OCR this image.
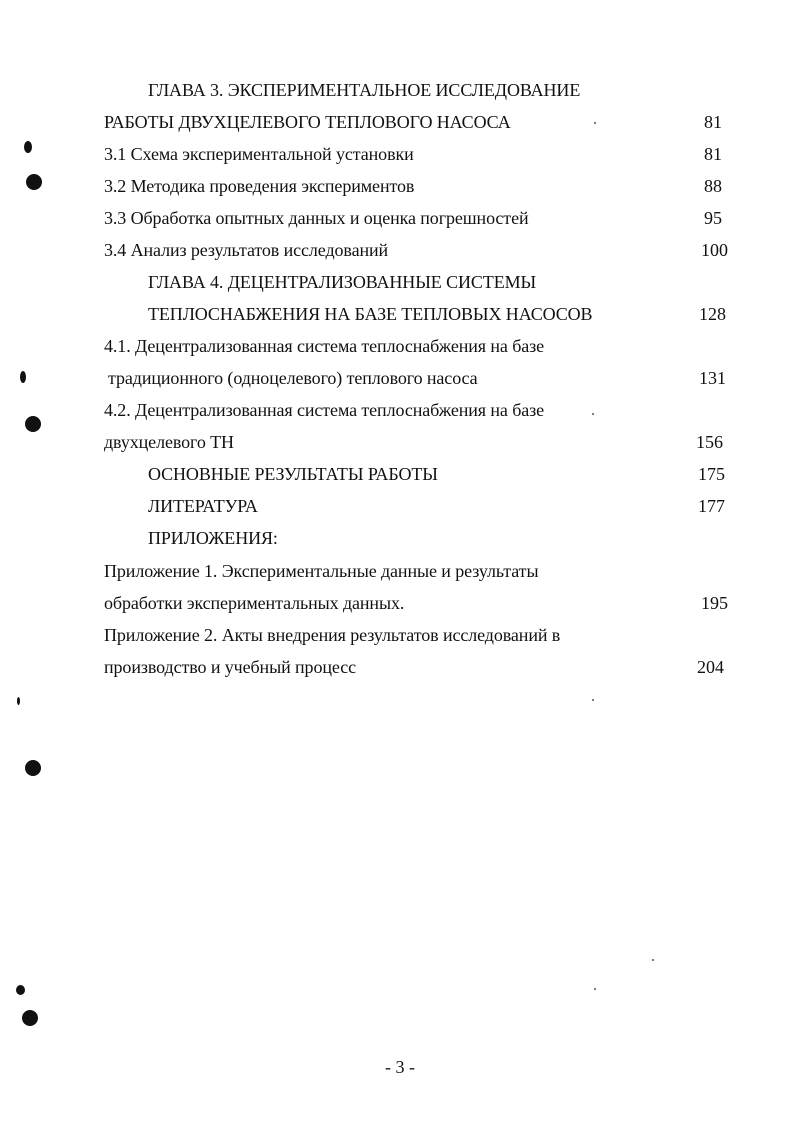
ГЛАВА 3. ЭКСПЕРИМЕНТАЛЬНОЕ ИССЛЕДОВАНИЕ
РАБОТЫ ДВУХЦЕЛЕВОГО ТЕПЛОВОГО НАСОСА	81
3.1 Схема экспериментальной установки	81
3.2 Методика проведения экспериментов	88
3.3 Обработка опытных данных и оценка погрешностей	95
3.4 Анализ результатов исследований	100
ГЛАВА 4. ДЕЦЕНТРАЛИЗОВАННЫЕ СИСТЕМЫ
ТЕПЛОСНАБЖЕНИЯ НА БАЗЕ ТЕПЛОВЫХ НАСОСОВ	128
4.1. Децентрализованная система теплоснабжения на базе
традиционного (одноцелевого) теплового насоса	131
4.2. Децентрализованная система теплоснабжения на базе
двухцелевого ТН	156
ОСНОВНЫЕ РЕЗУЛЬТАТЫ РАБОТЫ	175
ЛИТЕРАТУРА	177
ПРИЛОЖЕНИЯ:
Приложение 1. Экспериментальные данные и результаты
обработки экспериментальных данных.	195
Приложение 2. Акты внедрения результатов исследований в
производство и учебный процесс	204
- 3 -
